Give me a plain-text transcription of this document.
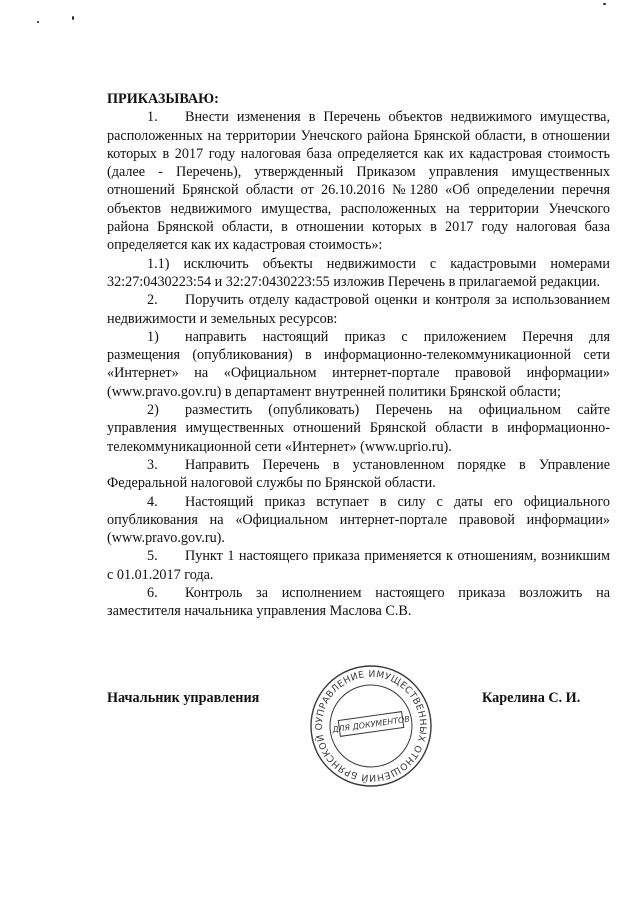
ПРИКАЗЫВАЮ:

1. Внести изменения в Перечень объектов недвижимого имущества, расположенных на территории Унечского района Брянской области, в отношении которых в 2017 году налоговая база определяется как их кадастровая стоимость (далее - Перечень), утвержденный Приказом управления имущественных отношений Брянской области от 26.10.2016 №1280 «Об определении перечня объектов недвижимого имущества, расположенных на территории Унечского района Брянской области, в отношении которых в 2017 году налоговая база определяется как их кадастровая стоимость»:

1.1) исключить объекты недвижимости с кадастровыми номерами 32:27:0430223:54 и 32:27:0430223:55 изложив Перечень в прилагаемой редакции.

2. Поручить отделу кадастровой оценки и контроля за использованием недвижимости и земельных ресурсов:

1) направить настоящий приказ с приложением Перечня для размещения (опубликования) в информационно-телекоммуникационной сети «Интернет» на «Официальном интернет-портале правовой информации» (www.pravo.gov.ru) в департамент внутренней политики Брянской области;

2) разместить (опубликовать) Перечень на официальном сайте управления имущественных отношений Брянской области в информационно-телекоммуникационной сети «Интернет» (www.uprio.ru).

3. Направить Перечень в установленном порядке в Управление Федеральной налоговой службы по Брянской области.

4. Настоящий приказ вступает в силу с даты его официального опубликования на «Официальном интернет-портале правовой информации» (www.pravo.gov.ru).

5. Пункт 1 настоящего приказа применяется к отношениям, возникшим с 01.01.2017 года.

6. Контроль за исполнением настоящего приказа возложить на заместителя начальника управления Маслова С.В.

Начальник управления	Карелина С. И.
УПРАВЛЕНИЕ ИМУЩЕСТВЕННЫХ ОТНОШЕНИЙ БРЯНСКОЙ О ДЛЯ ДОКУМЕНТОВ
